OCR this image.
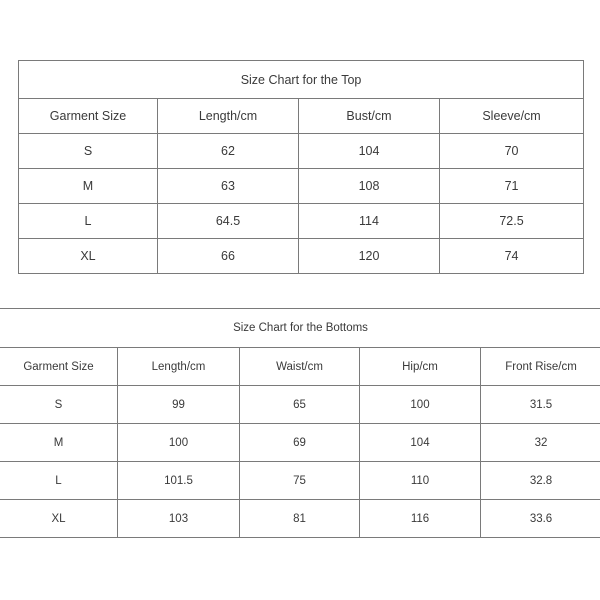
Size Chart for the Top			
Garment Size	Length/cm	Bust/cm	Sleeve/cm
S	62	104	70
M	63	108	71
L	64.5	114	72.5
XL	66	120	74
Size Chart for the Bottoms				
Garment Size	Length/cm	Waist/cm	Hip/cm	Front Rise/cm
S	99	65	100	31.5
M	100	69	104	32
L	101.5	75	110	32.8
XL	103	81	116	33.6
